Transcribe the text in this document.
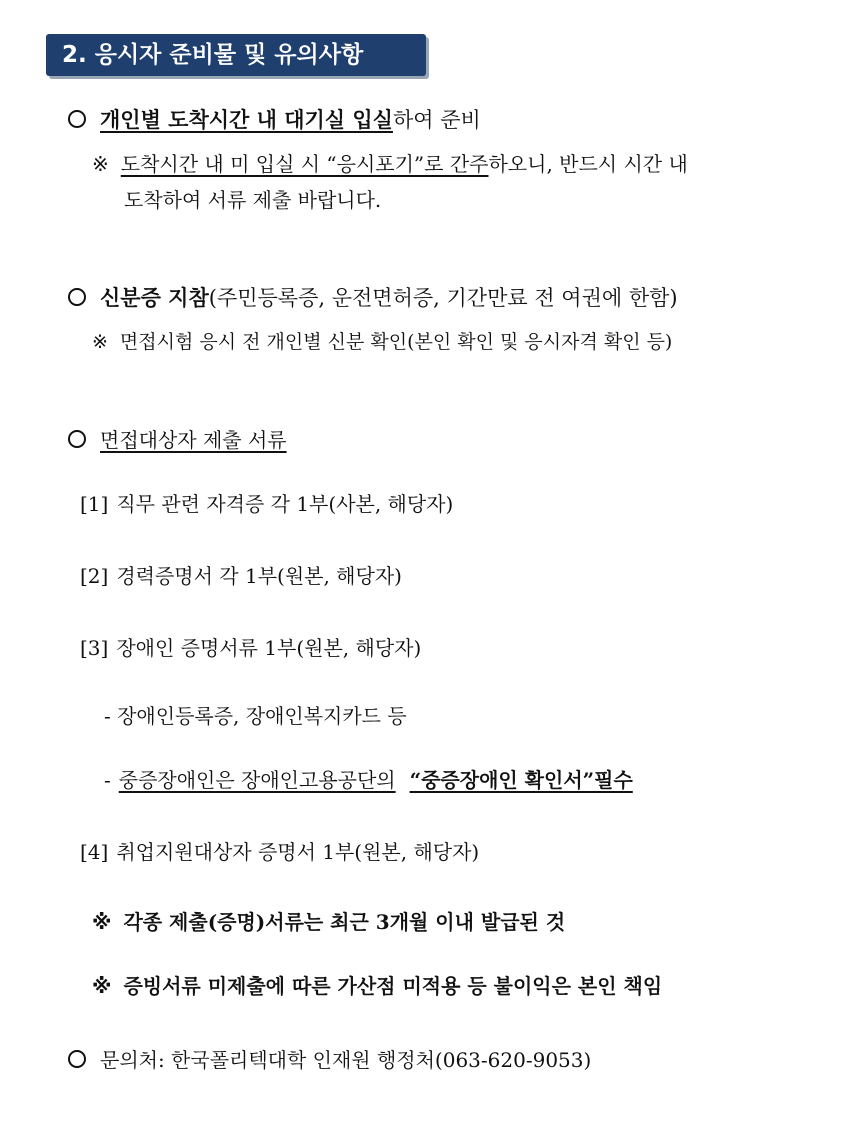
2. 응시자 준비물 및 유의사항
개인별 도착시간 내 대기실 입실하여 준비
※ 도착시간 내 미 입실 시 “응시포기”로 간주하오니, 반드시 시간 내
도착하여 서류 제출 바랍니다.
신분증 지참(주민등록증, 운전면허증, 기간만료 전 여권에 한함)
※ 면접시험 응시 전 개인별 신분 확인(본인 확인 및 응시자격 확인 등)
면접대상자 제출 서류
[1] 직무 관련 자격증 각 1부(사본, 해당자)
[2] 경력증명서 각 1부(원본, 해당자)
[3] 장애인 증명서류 1부(원본, 해당자)
- 장애인등록증, 장애인복지카드 등
- 중증장애인은 장애인고용공단의 “중증장애인 확인서”필수
[4] 취업지원대상자 증명서 1부(원본, 해당자)
※ 각종 제출(증명)서류는 최근 3개월 이내 발급된 것
※ 증빙서류 미제출에 따른 가산점 미적용 등 불이익은 본인 책임
문의처: 한국폴리텍대학 인재원 행정처(063-620-9053)
